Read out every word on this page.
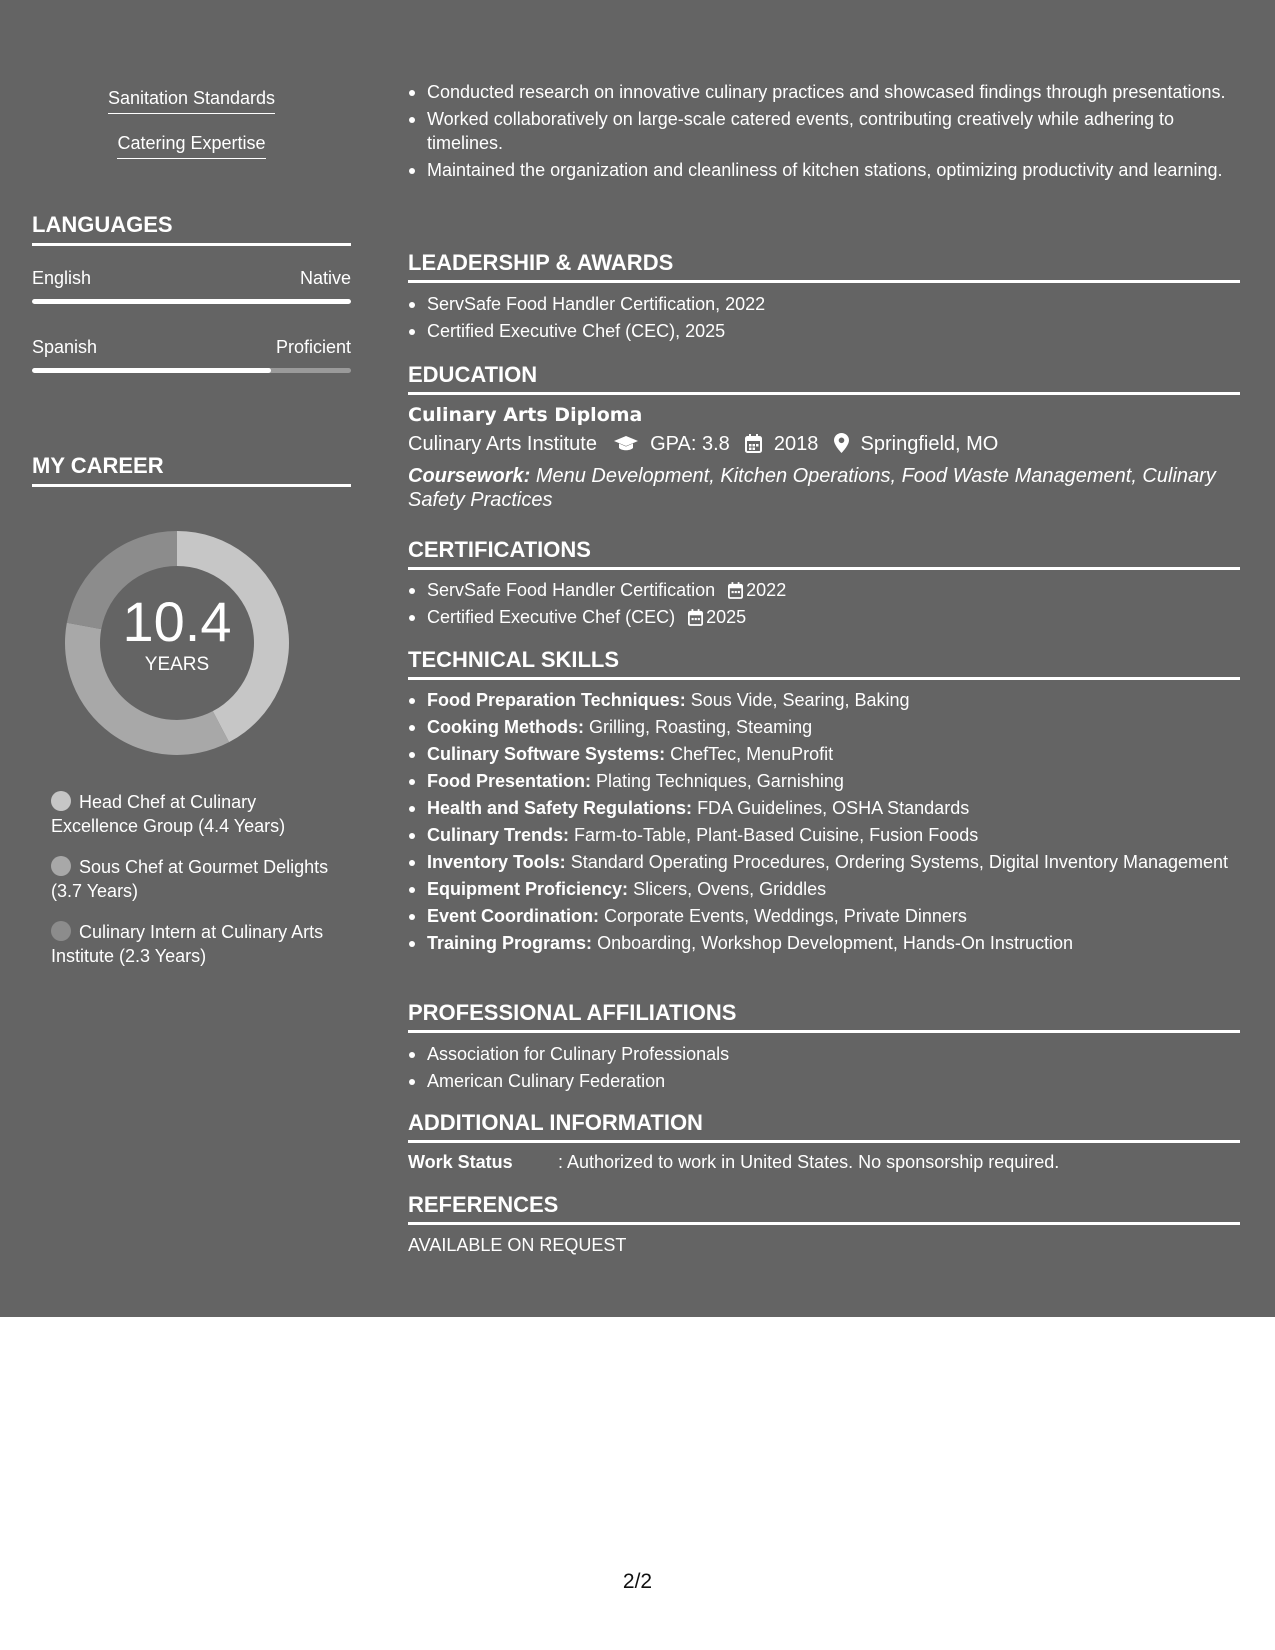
Sanitation Standards
Catering Expertise
LANGUAGES
English	Native
Spanish	Proficient
MY CAREER
10.4
YEARS
Head Chef at Culinary Excellence Group (4.4 Years)
Sous Chef at Gourmet Delights (3.7 Years)
Culinary Intern at Culinary Arts Institute (2.3 Years)
Conducted research on innovative culinary practices and showcased findings through presentations.
Worked collaboratively on large-scale catered events, contributing creatively while adhering to timelines.
Maintained the organization and cleanliness of kitchen stations, optimizing productivity and learning.
LEADERSHIP & AWARDS
ServSafe Food Handler Certification, 2022
Certified Executive Chef (CEC), 2025
EDUCATION
Culinary Arts Diploma
Culinary Arts Institute	GPA: 3.8 2018 Springfield, MO
Coursework: Menu Development, Kitchen Operations, Food Waste Management, Culinary Safety Practices
CERTIFICATIONS
ServSafe Food Handler Certification 2022
Certified Executive Chef (CEC) 2025
TECHNICAL SKILLS
Food Preparation Techniques: Sous Vide, Searing, Baking
Cooking Methods: Grilling, Roasting, Steaming
Culinary Software Systems: ChefTec, MenuProfit
Food Presentation: Plating Techniques, Garnishing
Health and Safety Regulations: FDA Guidelines, OSHA Standards
Culinary Trends: Farm-to-Table, Plant-Based Cuisine, Fusion Foods
Inventory Tools: Standard Operating Procedures, Ordering Systems, Digital Inventory Management
Equipment Proficiency: Slicers, Ovens, Griddles
Event Coordination: Corporate Events, Weddings, Private Dinners
Training Programs: Onboarding, Workshop Development, Hands-On Instruction
PROFESSIONAL AFFILIATIONS
Association for Culinary Professionals
American Culinary Federation
ADDITIONAL INFORMATION
Work Status	: Authorized to work in United States. No sponsorship required.
REFERENCES
AVAILABLE ON REQUEST
2/2
